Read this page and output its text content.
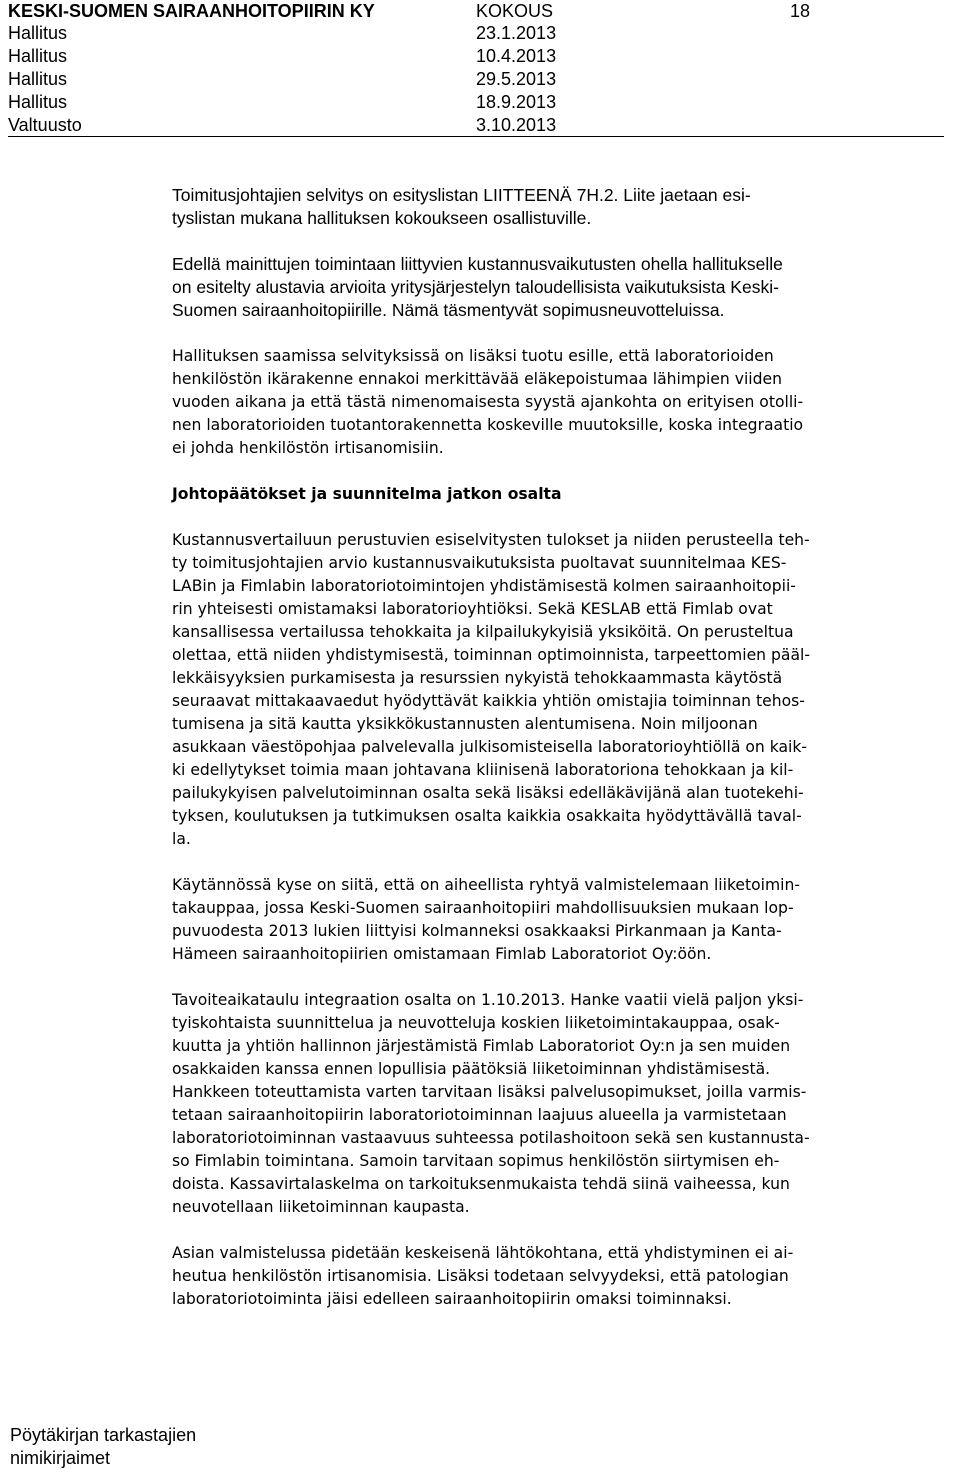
KESKI-SUOMEN SAIRAANHOITOPIIRIN KY	KOKOUS	18
Hallitus	23.1.2013
Hallitus	10.4.2013
Hallitus	29.5.2013
Hallitus	18.9.2013
Valtuusto	3.10.2013
Toimitusjohtajien selvitys on esityslistan LIITTEENÄ 7H.2. Liite jaetaan esi-
tyslistan mukana hallituksen kokoukseen osallistuville.
Edellä mainittujen toimintaan liittyvien kustannusvaikutusten ohella hallitukselle
on esitelty alustavia arvioita yritysjärjestelyn taloudellisista vaikutuksista Keski-
Suomen sairaanhoitopiirille. Nämä täsmentyvät sopimusneuvotteluissa.
Hallituksen saamissa selvityksissä on lisäksi tuotu esille, että laboratorioiden
henkilöstön ikärakenne ennakoi merkittävää eläkepoistumaa lähimpien viiden
vuoden aikana ja että tästä nimenomaisesta syystä ajankohta on erityisen otolli-
nen laboratorioiden tuotantorakennetta koskeville muutoksille, koska integraatio
ei johda henkilöstön irtisanomisiin.
Johtopäätökset ja suunnitelma jatkon osalta
Kustannusvertailuun perustuvien esiselvitysten tulokset ja niiden perusteella teh-
ty toimitusjohtajien arvio kustannusvaikutuksista puoltavat suunnitelmaa KES-
LABin ja Fimlabin laboratoriotoimintojen yhdistämisestä kolmen sairaanhoitopii-
rin yhteisesti omistamaksi laboratorioyhtiöksi. Sekä KESLAB että Fimlab ovat
kansallisessa vertailussa tehokkaita ja kilpailukykyisiä yksiköitä. On perusteltua
olettaa, että niiden yhdistymisestä, toiminnan optimoinnista, tarpeettomien pääl-
lekkäisyyksien purkamisesta ja resurssien nykyistä tehokkaammasta käytöstä
seuraavat mittakaavaedut hyödyttävät kaikkia yhtiön omistajia toiminnan tehos-
tumisena ja sitä kautta yksikkökustannusten alentumisena. Noin miljoonan
asukkaan väestöpohjaa palvelevalla julkisomisteisella laboratorioyhtiöllä on kaik-
ki edellytykset toimia maan johtavana kliinisenä laboratoriona tehokkaan ja kil-
pailukykyisen palvelutoiminnan osalta sekä lisäksi edelläkävijänä alan tuotekehi-
tyksen, koulutuksen ja tutkimuksen osalta kaikkia osakkaita hyödyttävällä taval-
la.
Käytännössä kyse on siitä, että on aiheellista ryhtyä valmistelemaan liiketoimin-
takauppaa, jossa Keski-Suomen sairaanhoitopiiri mahdollisuuksien mukaan lop-
puvuodesta 2013 lukien liittyisi kolmanneksi osakkaaksi Pirkanmaan ja Kanta-
Hämeen sairaanhoitopiirien omistamaan Fimlab Laboratoriot Oy:öön.
Tavoiteaikataulu integraation osalta on 1.10.2013. Hanke vaatii vielä paljon yksi-
tyiskohtaista suunnittelua ja neuvotteluja koskien liiketoimintakauppaa, osak-
kuutta ja yhtiön hallinnon järjestämistä Fimlab Laboratoriot Oy:n ja sen muiden
osakkaiden kanssa ennen lopullisia päätöksiä liiketoiminnan yhdistämisestä.
Hankkeen toteuttamista varten tarvitaan lisäksi palvelusopimukset, joilla varmis-
tetaan sairaanhoitopiirin laboratoriotoiminnan laajuus alueella ja varmistetaan
laboratoriotoiminnan vastaavuus suhteessa potilashoitoon sekä sen kustannusta-
so Fimlabin toimintana. Samoin tarvitaan sopimus henkilöstön siirtymisen eh-
doista. Kassavirtalaskelma on tarkoituksenmukaista tehdä siinä vaiheessa, kun
neuvotellaan liiketoiminnan kaupasta.
Asian valmistelussa pidetään keskeisenä lähtökohtana, että yhdistyminen ei ai-
heutua henkilöstön irtisanomisia. Lisäksi todetaan selvyydeksi, että patologian
laboratoriotoiminta jäisi edelleen sairaanhoitopiirin omaksi toiminnaksi.
Pöytäkirjan tarkastajien
nimikirjaimet
